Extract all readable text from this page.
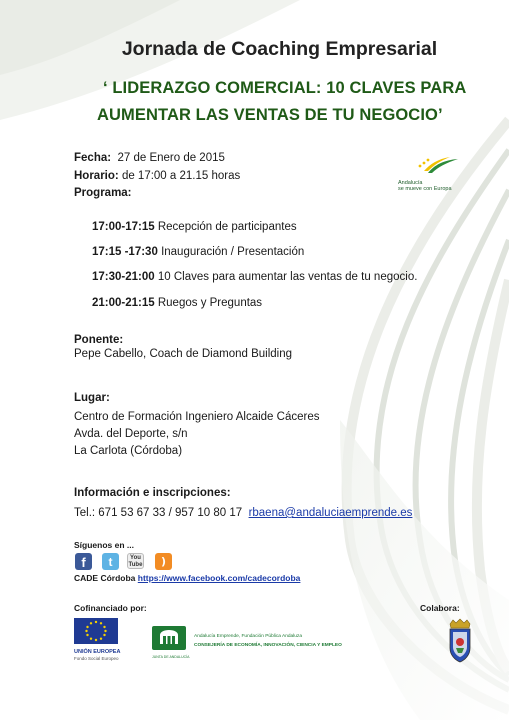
Jornada de Coaching Empresarial
‘ LIDERAZGO COMERCIAL: 10 CLAVES PARA
AUMENTAR LAS VENTAS DE TU NEGOCIO’
Fecha: 27 de Enero de 2015
Horario: de 17:00 a 21.15 horas
Programa:
Andalucía
se mueve con Europa
17:00-17:15 Recepción de participantes
17:15 -17:30 Inauguración / Presentación
17:30-21:00 10 Claves para aumentar las ventas de tu negocio.
21:00-21:15 Ruegos y Preguntas
Ponente:
Pepe Cabello, Coach de Diamond Building
Lugar:
Centro de Formación Ingeniero Alcaide Cáceres
Avda. del Deporte, s/n
La Carlota (Córdoba)
Información e inscripciones:
Tel.: 671 53 67 33 / 957 10 80 17 rbaena@andaluciaemprende.es
Síguenos en ...
f	t	You Tube	)
CADE Córdoba https://www.facebook.com/cadecordoba
Cofinanciado por:	Colabora:
UNIÓN EUROPEA
Fondo Social Europeo	JUNTA DE ANDALUCÍA
Andalucía Emprende, Fundación Pública Andaluza
CONSEJERÍA DE ECONOMÍA, INNOVACIÓN, CIENCIA Y EMPLEO
